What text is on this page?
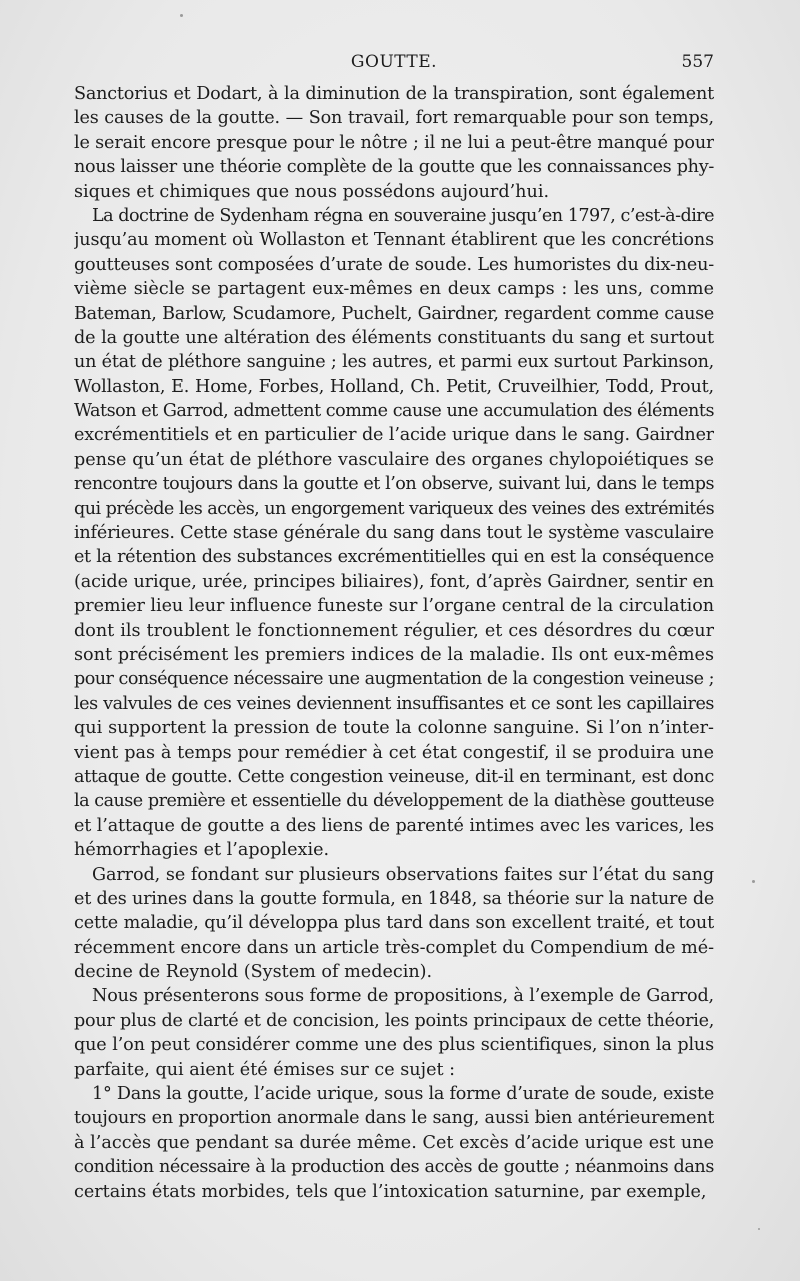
GOUTTE.	557
Sanctorius et Dodart, à la diminution de la transpiration, sont également
les causes de la goutte. — Son travail, fort remarquable pour son temps,
le serait encore presque pour le nôtre ; il ne lui a peut-être manqué pour
nous laisser une théorie complète de la goutte que les connaissances phy-
siques et chimiques que nous possédons aujourd’hui.
La doctrine de Sydenham régna en souveraine jusqu’en 1797, c’est-à-dire
jusqu’au moment où Wollaston et Tennant établirent que les concrétions
goutteuses sont composées d’urate de soude. Les humoristes du dix-neu-
vième siècle se partagent eux-mêmes en deux camps : les uns, comme
Bateman, Barlow, Scudamore, Puchelt, Gairdner, regardent comme cause
de la goutte une altération des éléments constituants du sang et surtout
un état de pléthore sanguine ; les autres, et parmi eux surtout Parkinson,
Wollaston, E. Home, Forbes, Holland, Ch. Petit, Cruveilhier, Todd, Prout,
Watson et Garrod, admettent comme cause une accumulation des éléments
excrémentitiels et en particulier de l’acide urique dans le sang. Gairdner
pense qu’un état de pléthore vasculaire des organes chylopoiétiques se
rencontre toujours dans la goutte et l’on observe, suivant lui, dans le temps
qui précède les accès, un engorgement variqueux des veines des extrémités
inférieures. Cette stase générale du sang dans tout le système vasculaire
et la rétention des substances excrémentitielles qui en est la conséquence
(acide urique, urée, principes biliaires), font, d’après Gairdner, sentir en
premier lieu leur influence funeste sur l’organe central de la circulation
dont ils troublent le fonctionnement régulier, et ces désordres du cœur
sont précisément les premiers indices de la maladie. Ils ont eux-mêmes
pour conséquence nécessaire une augmentation de la congestion veineuse ;
les valvules de ces veines deviennent insuffisantes et ce sont les capillaires
qui supportent la pression de toute la colonne sanguine. Si l’on n’inter-
vient pas à temps pour remédier à cet état congestif, il se produira une
attaque de goutte. Cette congestion veineuse, dit-il en terminant, est donc
la cause première et essentielle du développement de la diathèse goutteuse
et l’attaque de goutte a des liens de parenté intimes avec les varices, les
hémorrhagies et l’apoplexie.
Garrod, se fondant sur plusieurs observations faites sur l’état du sang
et des urines dans la goutte formula, en 1848, sa théorie sur la nature de
cette maladie, qu’il développa plus tard dans son excellent traité, et tout
récemment encore dans un article très-complet du Compendium de mé-
decine de Reynold (System of medecin).
Nous présenterons sous forme de propositions, à l’exemple de Garrod,
pour plus de clarté et de concision, les points principaux de cette théorie,
que l’on peut considérer comme une des plus scientifiques, sinon la plus
parfaite, qui aient été émises sur ce sujet :
1° Dans la goutte, l’acide urique, sous la forme d’urate de soude, existe
toujours en proportion anormale dans le sang, aussi bien antérieurement
à l’accès que pendant sa durée même. Cet excès d’acide urique est une
condition nécessaire à la production des accès de goutte ; néanmoins dans
certains états morbides, tels que l’intoxication saturnine, par exemple,
